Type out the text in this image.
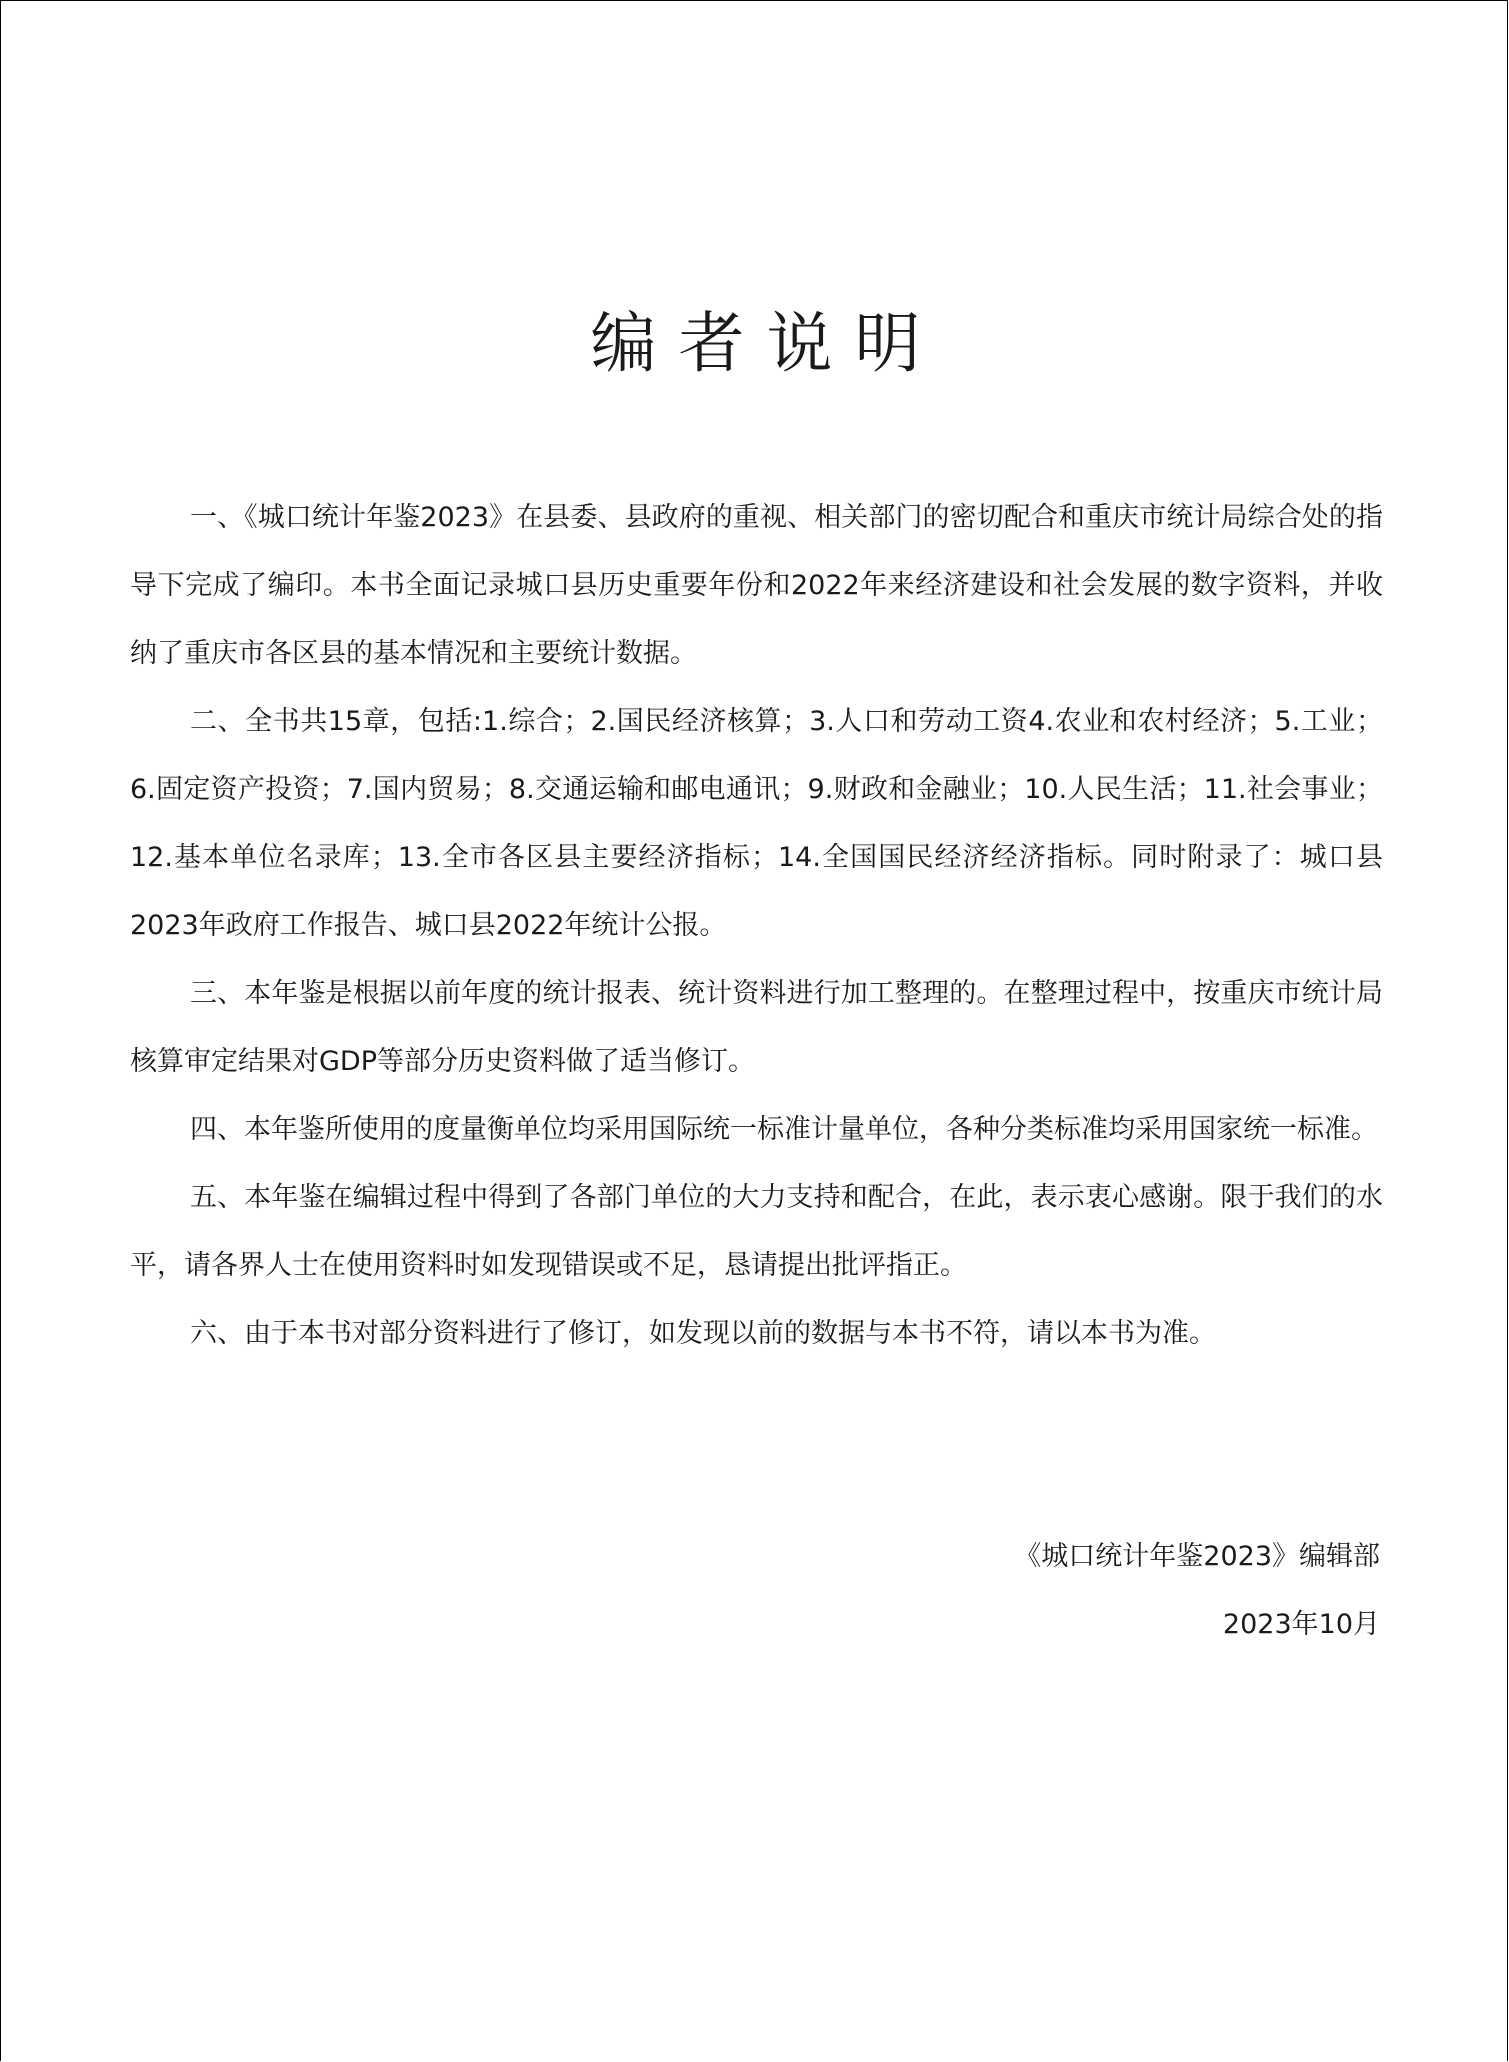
编者说明

一、《城口统计年鉴2023》在县委、县政府的重视、相关部门的密切配合和重庆市统计局综合处的指导下完成了编印。本书全面记录城口县历史重要年份和2022年来经济建设和社会发展的数字资料，并收纳了重庆市各区县的基本情况和主要统计数据。

二、全书共15章，包括:1.综合；2.国民经济核算；3.人口和劳动工资4.农业和农村经济；5.工业；6.固定资产投资；7.国内贸易；8.交通运输和邮电通讯；9.财政和金融业；10.人民生活；11.社会事业；12.基本单位名录库；13.全市各区县主要经济指标；14.全国国民经济经济指标。同时附录了：城口县2023年政府工作报告、城口县2022年统计公报。

三、本年鉴是根据以前年度的统计报表、统计资料进行加工整理的。在整理过程中，按重庆市统计局核算审定结果对GDP等部分历史资料做了适当修订。

四、本年鉴所使用的度量衡单位均采用国际统一标准计量单位，各种分类标准均采用国家统一标准。

五、本年鉴在编辑过程中得到了各部门单位的大力支持和配合，在此，表示衷心感谢。限于我们的水平，请各界人士在使用资料时如发现错误或不足，恳请提出批评指正。

六、由于本书对部分资料进行了修订，如发现以前的数据与本书不符，请以本书为准。

《城口统计年鉴2023》编辑部
2023年10月
